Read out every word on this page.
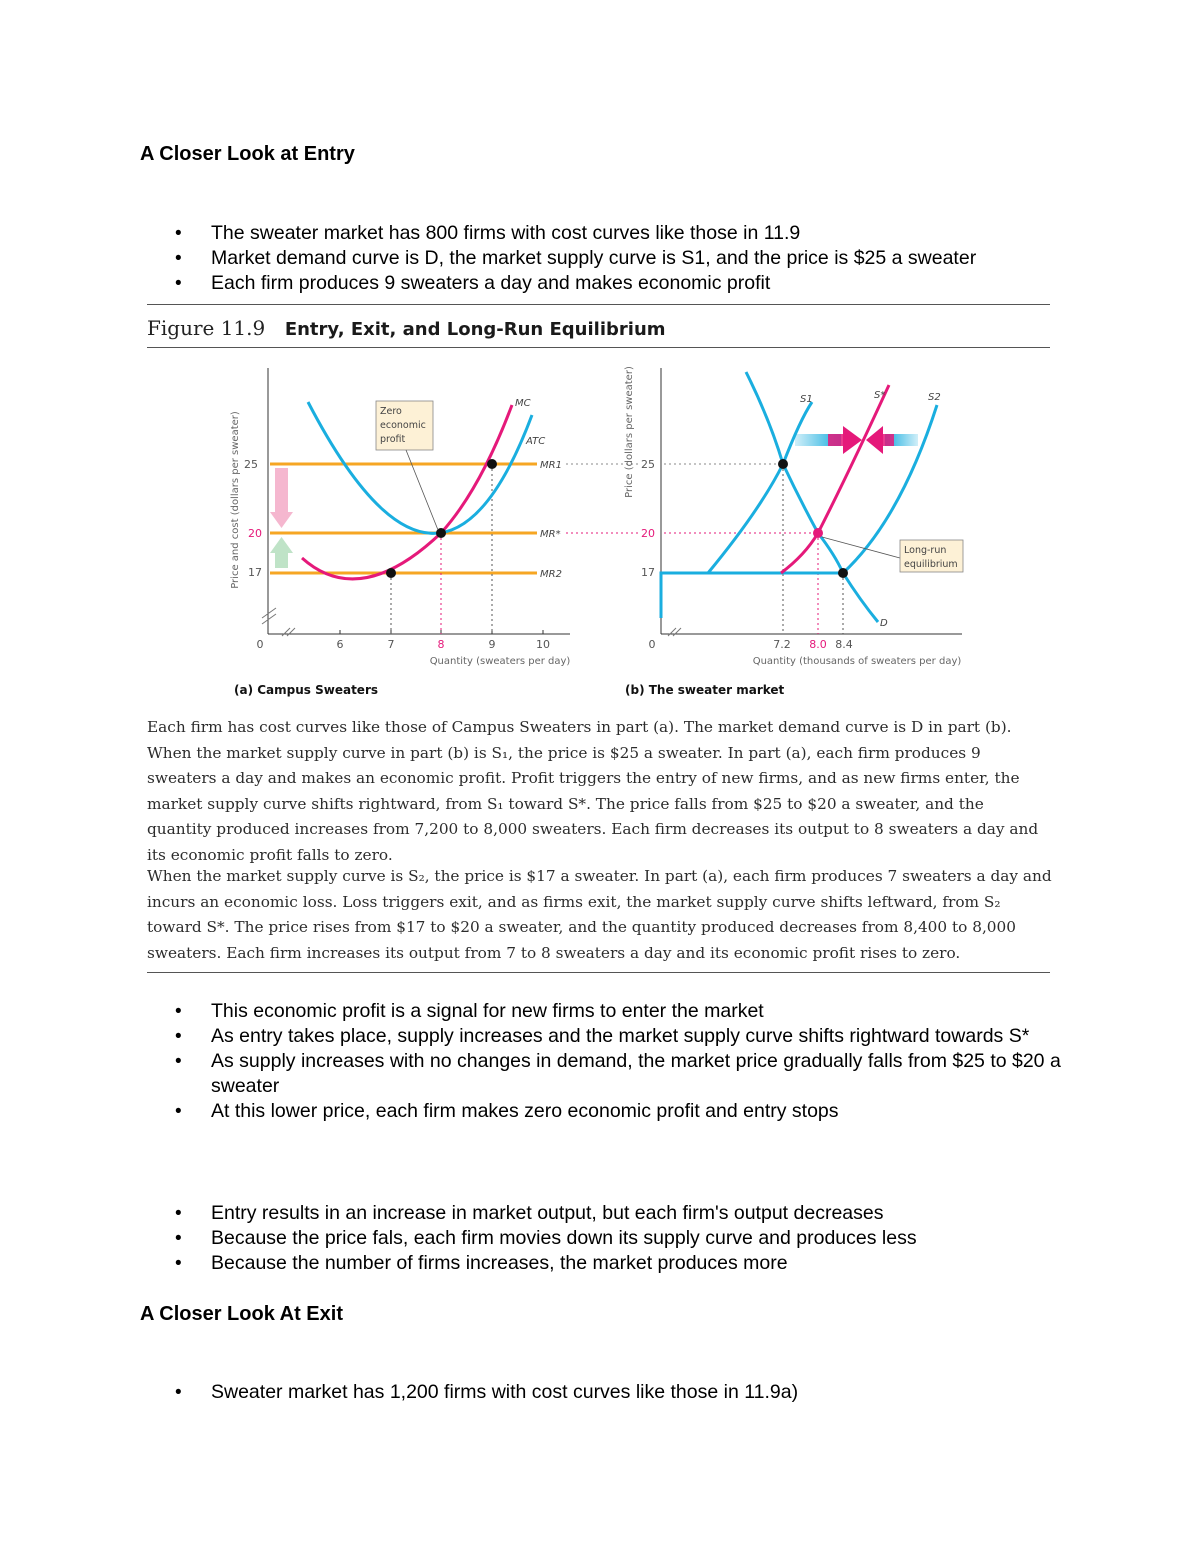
A Closer Look at Entry
• The sweater market has 800 firms with cost curves like those in 11.9
• Market demand curve is D, the market supply curve is S1, and the price is $25 a sweater
• Each firm produces 9 sweaters a day and makes economic profit
Figure 11.9 Entry, Exit, and Long-Run Equilibrium
Price and cost (dollars per sweater)
Quantity (sweaters per day)
25
20
17
0	6	7	8	9	10
Zero
economic
profit
MC
ATC
MR1
MR*
MR2
Price (dollars per sweater)
Quantity (thousands of sweaters per day)
25
20
17
0	7.2 8.0 8.4
Long-run
equilibrium
S1	S*	S2
D
(a) Campus Sweaters	(b) The sweater market

Each firm has cost curves like those of Campus Sweaters in part (a). The market demand curve is D in part (b). When the market supply curve in part (b) is S₁, the price is $25 a sweater. In part (a), each firm produces 9 sweaters a day and makes an economic profit. Profit triggers the entry of new firms, and as new firms enter, the market supply curve shifts rightward, from S₁ toward S*. The price falls from $25 to $20 a sweater, and the quantity produced increases from 7,200 to 8,000 sweaters. Each firm decreases its output to 8 sweaters a day and its economic profit falls to zero.

When the market supply curve is S₂, the price is $17 a sweater. In part (a), each firm produces 7 sweaters a day and incurs an economic loss. Loss triggers exit, and as firms exit, the market supply curve shifts leftward, from S₂ toward S*. The price rises from $17 to $20 a sweater, and the quantity produced decreases from 8,400 to 8,000 sweaters. Each firm increases its output from 7 to 8 sweaters a day and its economic profit rises to zero.

• This economic profit is a signal for new firms to enter the market
• As entry takes place, supply increases and the market supply curve shifts rightward towards S*
• As supply increases with no changes in demand, the market price gradually falls from $25 to $20 a sweater
• At this lower price, each firm makes zero economic profit and entry stops
• Entry results in an increase in market output, but each firm's output decreases
• Because the price fals, each firm movies down its supply curve and produces less
• Because the number of firms increases, the market produces more
A Closer Look At Exit
• Sweater market has 1,200 firms with cost curves like those in 11.9a)
